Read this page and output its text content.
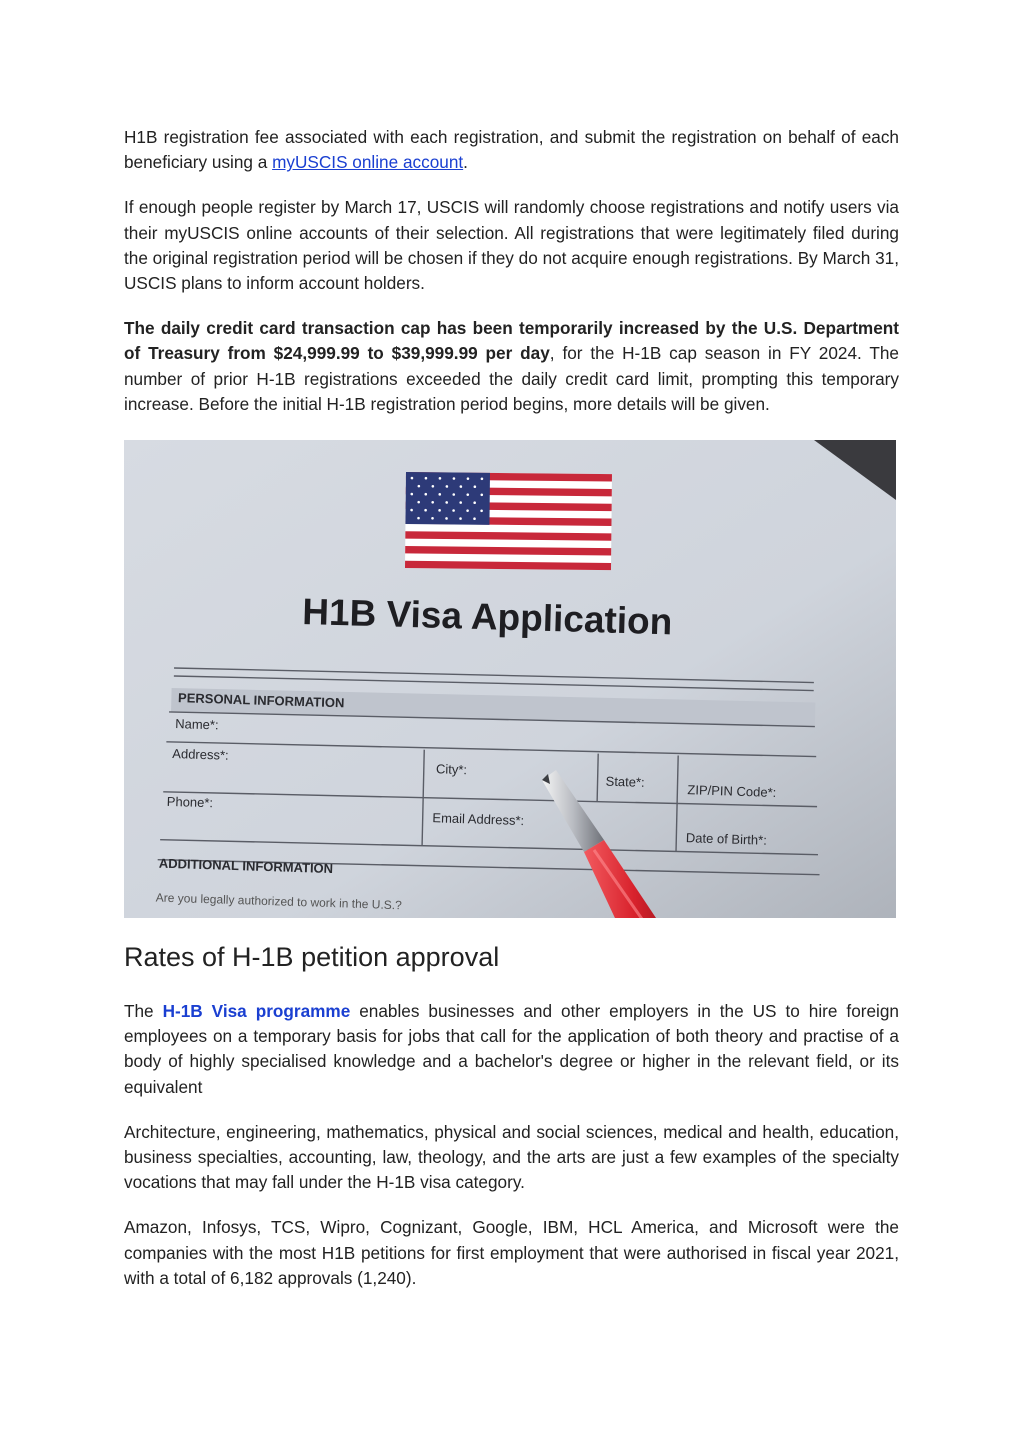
H1B registration fee associated with each registration, and submit the registration on behalf of each beneficiary using a myUSCIS online account.

If enough people register by March 17, USCIS will randomly choose registrations and notify users via their myUSCIS online accounts of their selection. All registrations that were legitimately filed during the original registration period will be chosen if they do not acquire enough registrations. By March 31, USCIS plans to inform account holders.

The daily credit card transaction cap has been temporarily increased by the U.S. Department of Treasury from $24,999.99 to $39,999.99 per day, for the H-1B cap season in FY 2024. The number of prior H-1B registrations exceeded the daily credit card limit, prompting this temporary increase. Before the initial H-1B registration period begins, more details will be given.

H1B Visa Application
PERSONAL INFORMATION
Name*:
Address*:
City*:
State*:
ZIP/PIN Code*:
Phone*:
Email Address*:
Date of Birth*:
ADDITIONAL INFORMATION
Are you legally authorized to work in the U.S.?
Rates of H-1B petition approval

The H-1B Visa programme enables businesses and other employers in the US to hire foreign employees on a temporary basis for jobs that call for the application of both theory and practise of a body of highly specialised knowledge and a bachelor's degree or higher in the relevant field, or its equivalent

Architecture, engineering, mathematics, physical and social sciences, medical and health, education, business specialties, accounting, law, theology, and the arts are just a few examples of the specialty vocations that may fall under the H-1B visa category.

Amazon, Infosys, TCS, Wipro, Cognizant, Google, IBM, HCL America, and Microsoft were the companies with the most H1B petitions for first employment that were authorised in fiscal year 2021, with a total of 6,182 approvals (1,240).
